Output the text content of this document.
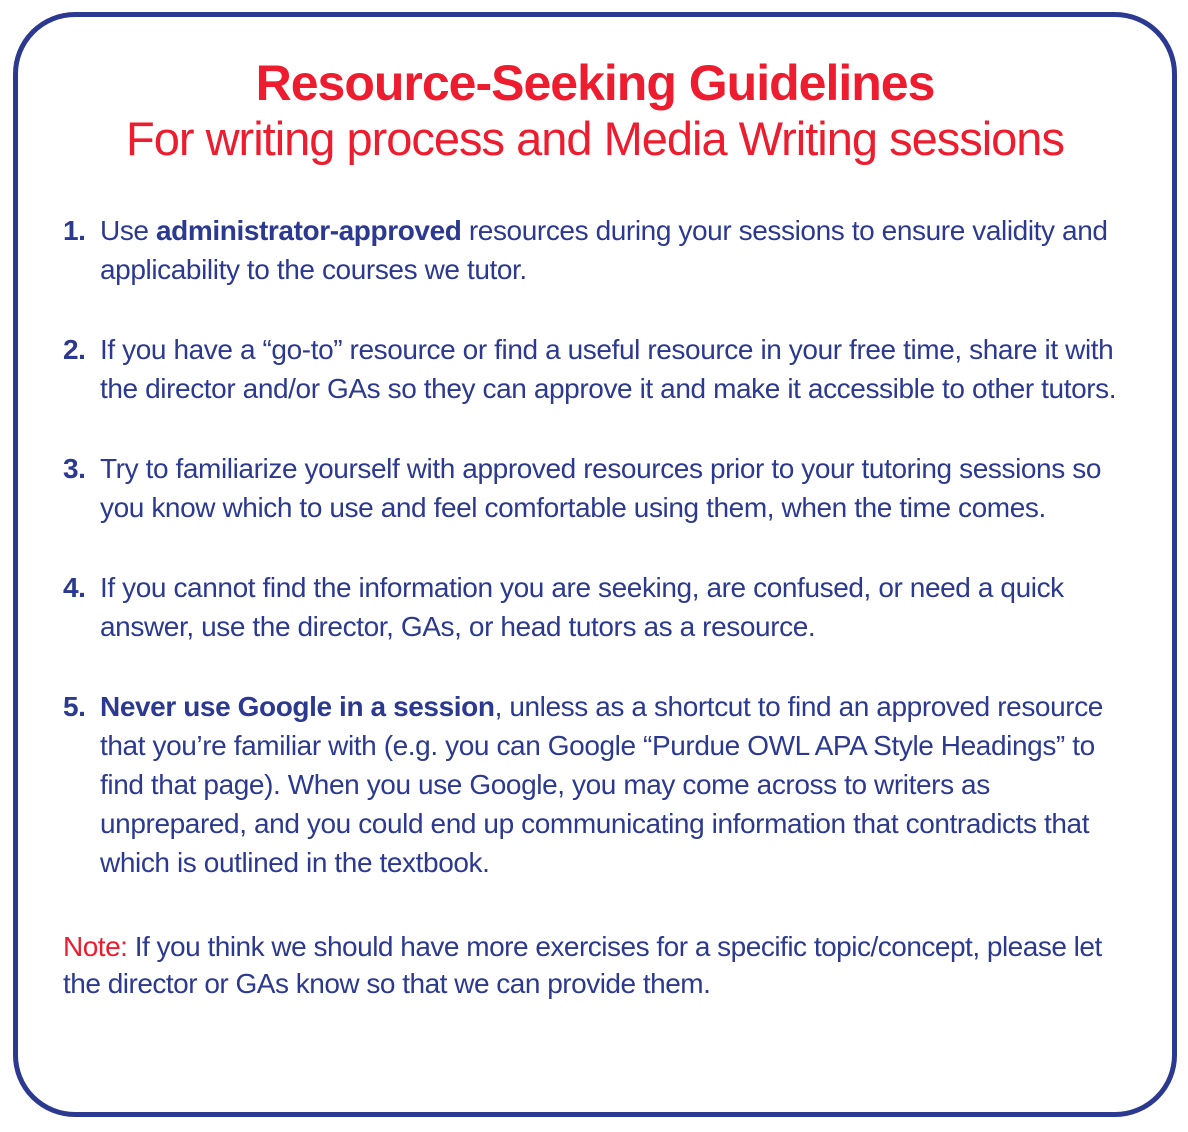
Resource-Seeking Guidelines
For writing process and Media Writing sessions
1. Use administrator-approved resources during your sessions to ensure validity and applicability to the courses we tutor.
2. If you have a “go-to” resource or find a useful resource in your free time, share it with the director and/or GAs so they can approve it and make it accessible to other tutors.
3. Try to familiarize yourself with approved resources prior to your tutoring sessions so you know which to use and feel comfortable using them, when the time comes.
4. If you cannot find the information you are seeking, are confused, or need a quick answer, use the director, GAs, or head tutors as a resource.
5. Never use Google in a session, unless as a shortcut to find an approved resource that you’re familiar with (e.g. you can Google “Purdue OWL APA Style Headings” to find that page). When you use Google, you may come across to writers as unprepared, and you could end up communicating information that contradicts that which is outlined in the textbook.

Note: If you think we should have more exercises for a specific topic/concept, please let the director or GAs know so that we can provide them.
